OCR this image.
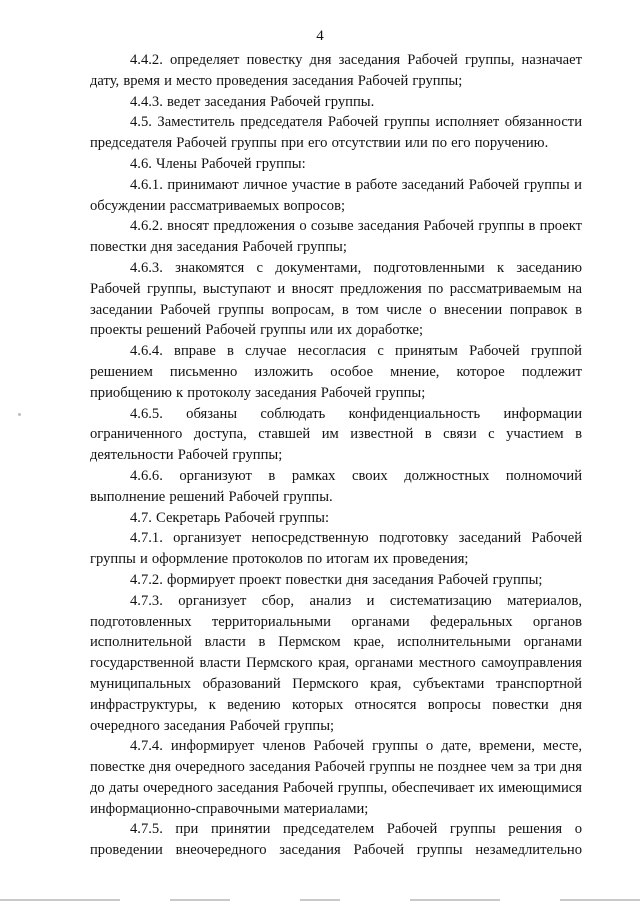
4

4.4.2. определяет повестку дня заседания Рабочей группы, назначает дату, время и место проведения заседания Рабочей группы;

4.4.3. ведет заседания Рабочей группы.

4.5. Заместитель председателя Рабочей группы исполняет обязанности председателя Рабочей группы при его отсутствии или по его поручению.

4.6. Члены Рабочей группы:

4.6.1. принимают личное участие в работе заседаний Рабочей группы и обсуждении рассматриваемых вопросов;

4.6.2. вносят предложения о созыве заседания Рабочей группы в проект повестки дня заседания Рабочей группы;

4.6.3. знакомятся с документами, подготовленными к заседанию Рабочей группы, выступают и вносят предложения по рассматриваемым на заседании Рабочей группы вопросам, в том числе о внесении поправок в проекты решений Рабочей группы или их доработке;

4.6.4. вправе в случае несогласия с принятым Рабочей группой решением письменно изложить особое мнение, которое подлежит приобщению к протоколу заседания Рабочей группы;

4.6.5. обязаны соблюдать конфиденциальность информации ограниченного доступа, ставшей им известной в связи с участием в деятельности Рабочей группы;

4.6.6. организуют в рамках своих должностных полномочий выполнение решений Рабочей группы.

4.7. Секретарь Рабочей группы:

4.7.1. организует непосредственную подготовку заседаний Рабочей группы и оформление протоколов по итогам их проведения;

4.7.2. формирует проект повестки дня заседания Рабочей группы;

4.7.3. организует сбор, анализ и систематизацию материалов, подготовленных территориальными органами федеральных органов исполнительной власти в Пермском крае, исполнительными органами государственной власти Пермского края, органами местного самоуправления муниципальных образований Пермского края, субъектами транспортной инфраструктуры, к ведению которых относятся вопросы повестки дня очередного заседания Рабочей группы;

4.7.4. информирует членов Рабочей группы о дате, времени, месте, повестке дня очередного заседания Рабочей группы не позднее чем за три дня до даты очередного заседания Рабочей группы, обеспечивает их имеющимися информационно-справочными материалами;

4.7.5. при принятии председателем Рабочей группы решения о проведении внеочередного заседания Рабочей группы незамедлительно
